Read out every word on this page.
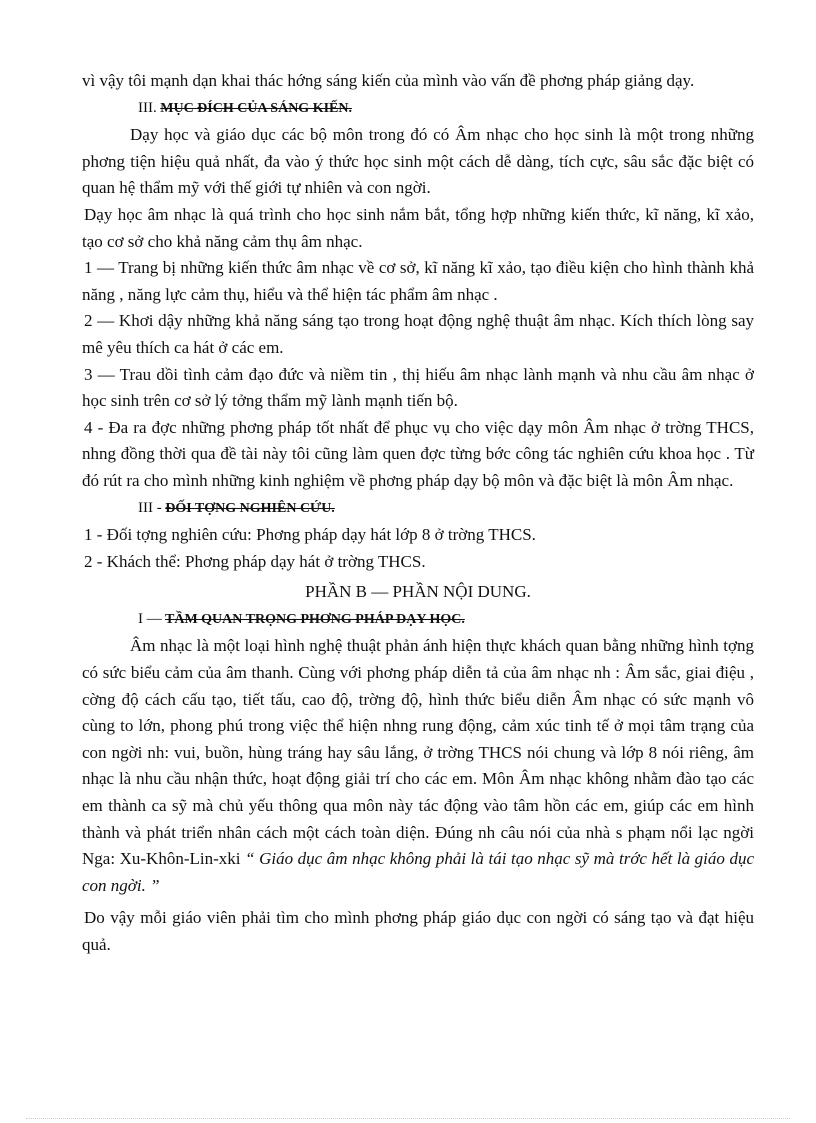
vì vậy tôi mạnh dạn khai thác hớng sáng kiến của mình vào vấn đề phơng pháp giảng dạy.

III. MỤC ĐÍCH CỦA SÁNG KIẾN.

Dạy học và giáo dục các bộ môn trong đó có Âm nhạc cho học sinh là một trong những phơng tiện hiệu quả nhất, đa vào ý thức học sinh một cách dễ dàng, tích cực, sâu sắc đặc biệt có quan hệ thẩm mỹ với thế giới tự nhiên và con ngời.

Dạy học âm nhạc là quá trình cho học sinh nắm bắt, tổng hợp những kiến thức, kĩ năng, kĩ xảo, tạo cơ sở cho khả năng cảm thụ âm nhạc.

1 — Trang bị những kiến thức âm nhạc về cơ sở, kĩ năng kĩ xảo, tạo điều kiện cho hình thành khả năng , năng lực cảm thụ, hiểu và thể hiện tác phẩm âm nhạc .

2 — Khơi dậy những khả năng sáng tạo trong hoạt động nghệ thuật âm nhạc. Kích thích lòng say mê yêu thích ca hát ở các em.

3 — Trau dồi tình cảm đạo đức và niềm tin , thị hiếu âm nhạc lành mạnh và nhu cầu âm nhạc ở học sinh trên cơ sở lý tởng thẩm mỹ lành mạnh tiến bộ.

4 - Đa ra đợc những phơng pháp tốt nhất để phục vụ cho việc dạy môn Âm nhạc ở trờng THCS, nhng đồng thời qua đề tài này tôi cũng làm quen đợc từng bớc công tác nghiên cứu khoa học . Từ đó rút ra cho mình những kinh nghiệm về phơng pháp dạy bộ môn và đặc biệt là môn Âm nhạc.

III - ĐỐI TỢNG NGHIÊN CỨU.

1 - Đối tợng nghiên cứu: Phơng pháp dạy hát lớp 8 ở trờng THCS.

2 - Khách thể: Phơng pháp dạy hát ở trờng THCS.

PHẦN B — PHẦN NỘI DUNG.

I — TẦM QUAN TRỌNG PHƠNG PHÁP DẠY HỌC.

Âm nhạc là một loại hình nghệ thuật phản ánh hiện thực khách quan bằng những hình tợng có sức biểu cảm của âm thanh. Cùng với phơng pháp diễn tả của âm nhạc nh : Âm sắc, giai điệu , cờng độ cách cấu tạo, tiết tấu, cao độ, trờng độ, hình thức biểu diễn Âm nhạc có sức mạnh vô cùng to lớn, phong phú trong việc thể hiện nhng rung động, cảm xúc tinh tế ở mọi tâm trạng của con ngời nh: vui, buồn, hùng tráng hay sâu lắng, ở trờng THCS nói chung và lớp 8 nói riêng, âm nhạc là nhu cầu nhận thức, hoạt động giải trí cho các em. Môn Âm nhạc không nhằm đào tạo các em thành ca sỹ mà chủ yếu thông qua môn này tác động vào tâm hồn các em, giúp các em hình thành và phát triển nhân cách một cách toàn diện. Đúng nh câu nói của nhà s phạm nổi lạc ngời Nga: Xu-Khôn-Lin-xki “ Giáo dục âm nhạc không phải là tái tạo nhạc sỹ mà trớc hết là giáo dục con ngời. ”

Do vậy mỗi giáo viên phải tìm cho mình phơng pháp giáo dục con ngời có sáng tạo và đạt hiệu quả.
